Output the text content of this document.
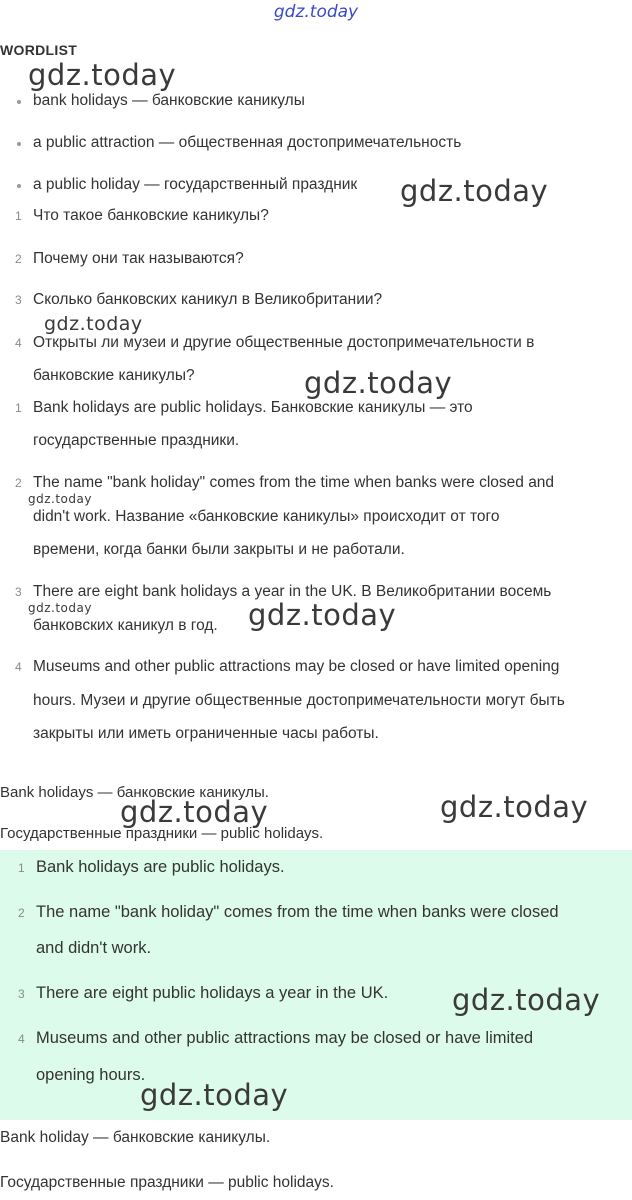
gdz.today
WORDLIST
bank holidays — банковские каникулы
a public attraction — общественная достопримечательность
a public holiday — государственный праздник
1 Что такое банковские каникулы?
2 Почему они так называются?
3 Сколько банковских каникул в Великобритании?
4 Открыты ли музеи и другие общественные достопримечательности в
банковские каникулы?
1 Bank holidays are public holidays. Банковские каникулы — это
государственные праздники.
2 The name "bank holiday" comes from the time when banks were closed and
didn't work. Название «банковские каникулы» происходит от того
времени, когда банки были закрыты и не работали.
3 There are eight bank holidays a year in the UK. В Великобритании восемь
банковских каникул в год.
4 Museums and other public attractions may be closed or have limited opening
hours. Музеи и другие общественные достопримечательности могут быть
закрыты или иметь ограниченные часы работы.
Bank holidays — банковские каникулы.
Государственные праздники — public holidays.
1 Bank holidays are public holidays.
2 The name "bank holiday" comes from the time when banks were closed
and didn't work.
3 There are eight public holidays a year in the UK.
4 Museums and other public attractions may be closed or have limited
opening hours.
Bank holiday — банковские каникулы.
Государственные праздники — public holidays.
gdz.today
gdz.today
gdz.today
gdz.today
gdz.today
gdz.today	gdz.today
gdz.today	gdz.today
gdz.today
gdz.today
